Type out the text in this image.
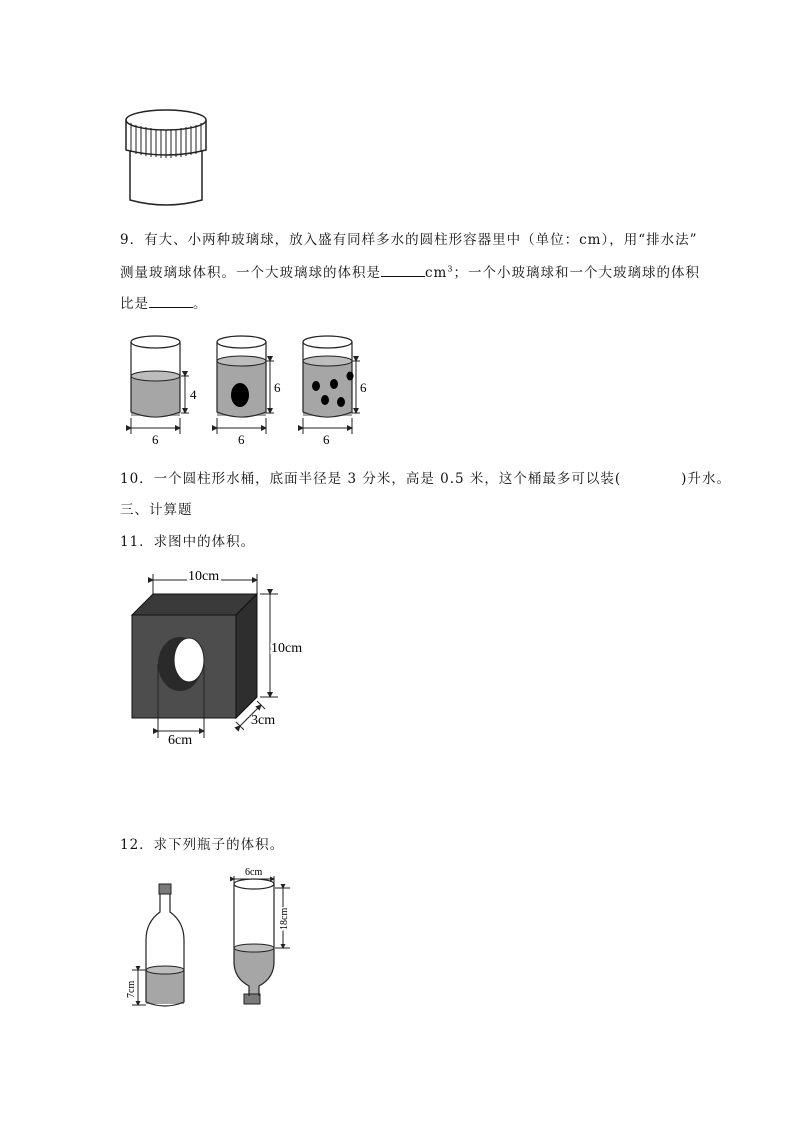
9．有大、小两种玻璃球，放入盛有同样多水的圆柱形容器里中（单位：cm），用“排水法”
测量玻璃球体积。一个大玻璃球的体积是	$cm^3$；一个小玻璃球和一个大玻璃球的体积
比是	。
4
6
6
6
6
6
10．一个圆柱形水桶，底面半径是 3 分米，高是 0.5 米，这个桶最多可以装(	)升水。
三、计算题
11．求图中的体积。
10cm
10cm
3cm
6cm
12．求下列瓶子的体积。
7cm
6cm
18cm
